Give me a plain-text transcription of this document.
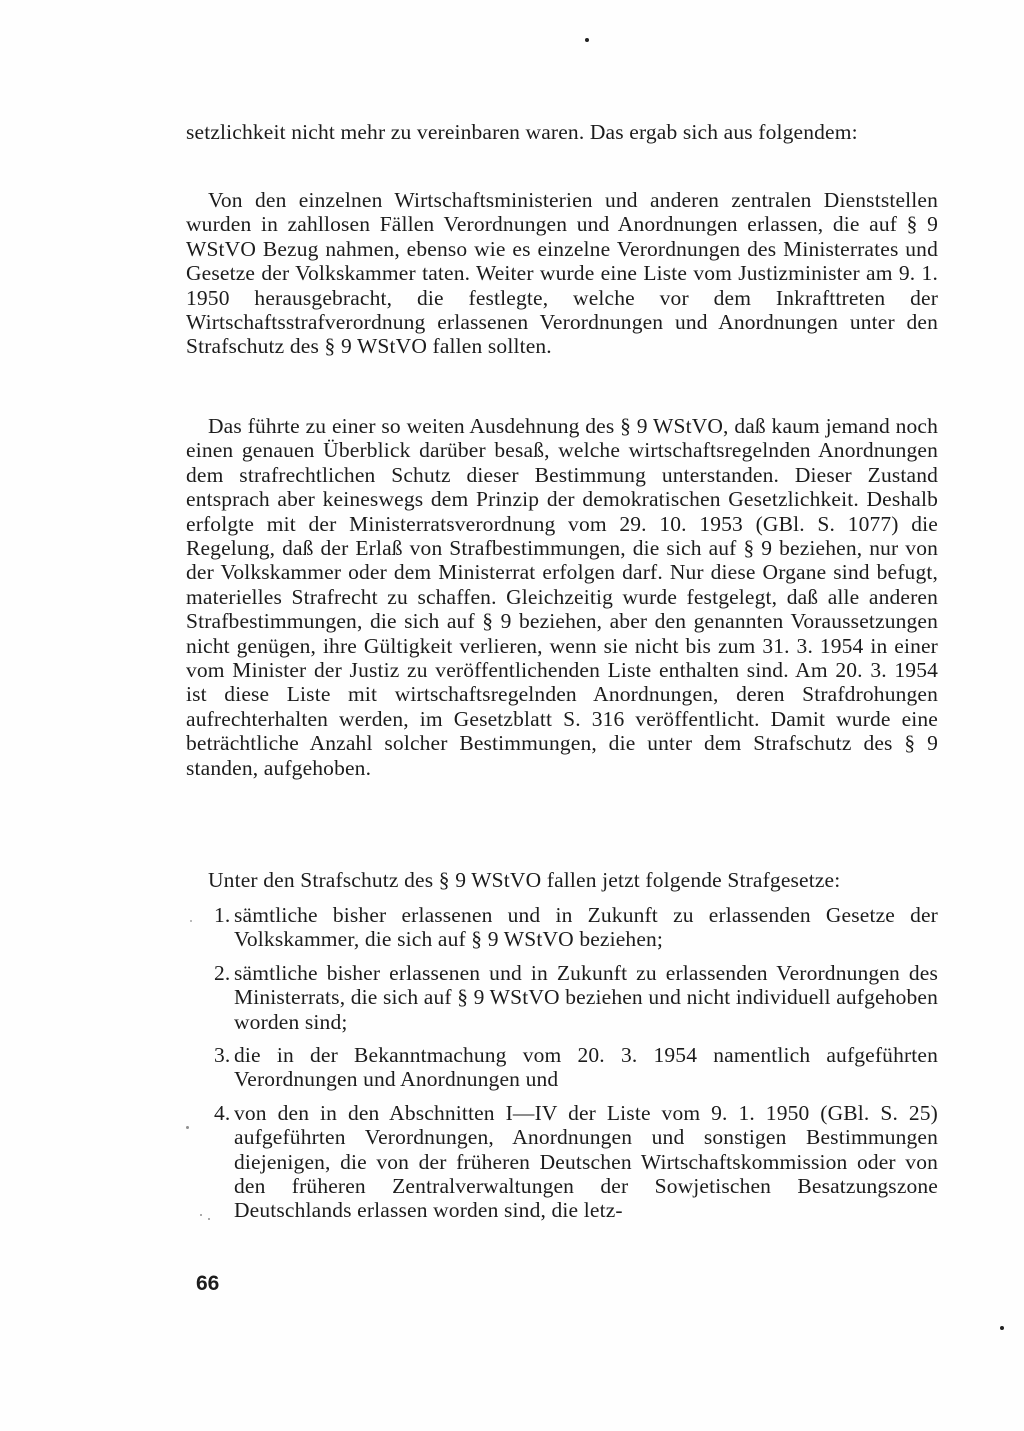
setzlichkeit nicht mehr zu vereinbaren waren. Das ergab sich aus folgendem:

Von den einzelnen Wirtschaftsministerien und anderen zentralen Dienststellen wurden in zahllosen Fällen Verordnungen und Anordnungen erlassen, die auf § 9 WStVO Bezug nahmen, ebenso wie es einzelne Verordnungen des Ministerrates und Gesetze der Volkskammer taten. Weiter wurde eine Liste vom Justizminister am 9. 1. 1950 herausgebracht, die festlegte, welche vor dem Inkrafttreten der Wirtschaftsstrafverordnung erlassenen Verordnungen und Anordnungen unter den Strafschutz des § 9 WStVO fallen sollten.

Das führte zu einer so weiten Ausdehnung des § 9 WStVO, daß kaum jemand noch einen genauen Überblick darüber besaß, welche wirtschaftsregelnden Anordnungen dem strafrechtlichen Schutz dieser Bestimmung unterstanden. Dieser Zustand entsprach aber keineswegs dem Prinzip der demokratischen Gesetzlichkeit. Deshalb erfolgte mit der Ministerratsverordnung vom 29. 10. 1953 (GBl. S. 1077) die Regelung, daß der Erlaß von Strafbestimmungen, die sich auf § 9 beziehen, nur von der Volkskammer oder dem Ministerrat erfolgen darf. Nur diese Organe sind befugt, materielles Strafrecht zu schaffen. Gleichzeitig wurde festgelegt, daß alle anderen Strafbestimmungen, die sich auf § 9 beziehen, aber den genannten Voraussetzungen nicht genügen, ihre Gültigkeit verlieren, wenn sie nicht bis zum 31. 3. 1954 in einer vom Minister der Justiz zu veröffentlichenden Liste enthalten sind. Am 20. 3. 1954 ist diese Liste mit wirtschaftsregelnden Anordnungen, deren Strafdrohungen aufrechterhalten werden, im Gesetzblatt S. 316 veröffentlicht. Damit wurde eine beträchtliche Anzahl solcher Bestimmungen, die unter dem Strafschutz des § 9 standen, aufgehoben.

Unter den Strafschutz des § 9 WStVO fallen jetzt folgende Strafgesetze:

1. sämtliche bisher erlassenen und in Zukunft zu erlassenden Gesetze der Volkskammer, die sich auf § 9 WStVO beziehen;
2. sämtliche bisher erlassenen und in Zukunft zu erlassenden Verordnungen des Ministerrats, die sich auf § 9 WStVO beziehen und nicht individuell aufgehoben worden sind;
3. die in der Bekanntmachung vom 20. 3. 1954 namentlich aufgeführten Verordnungen und Anordnungen und
4. von den in den Abschnitten I—IV der Liste vom 9. 1. 1950 (GBl. S. 25) aufgeführten Verordnungen, Anordnungen und sonstigen Bestimmungen diejenigen, die von der früheren Deutschen Wirtschaftskommission oder von den früheren Zentralverwaltungen der Sowjetischen Besatzungszone Deutschlands erlassen worden sind, die letz-
66
